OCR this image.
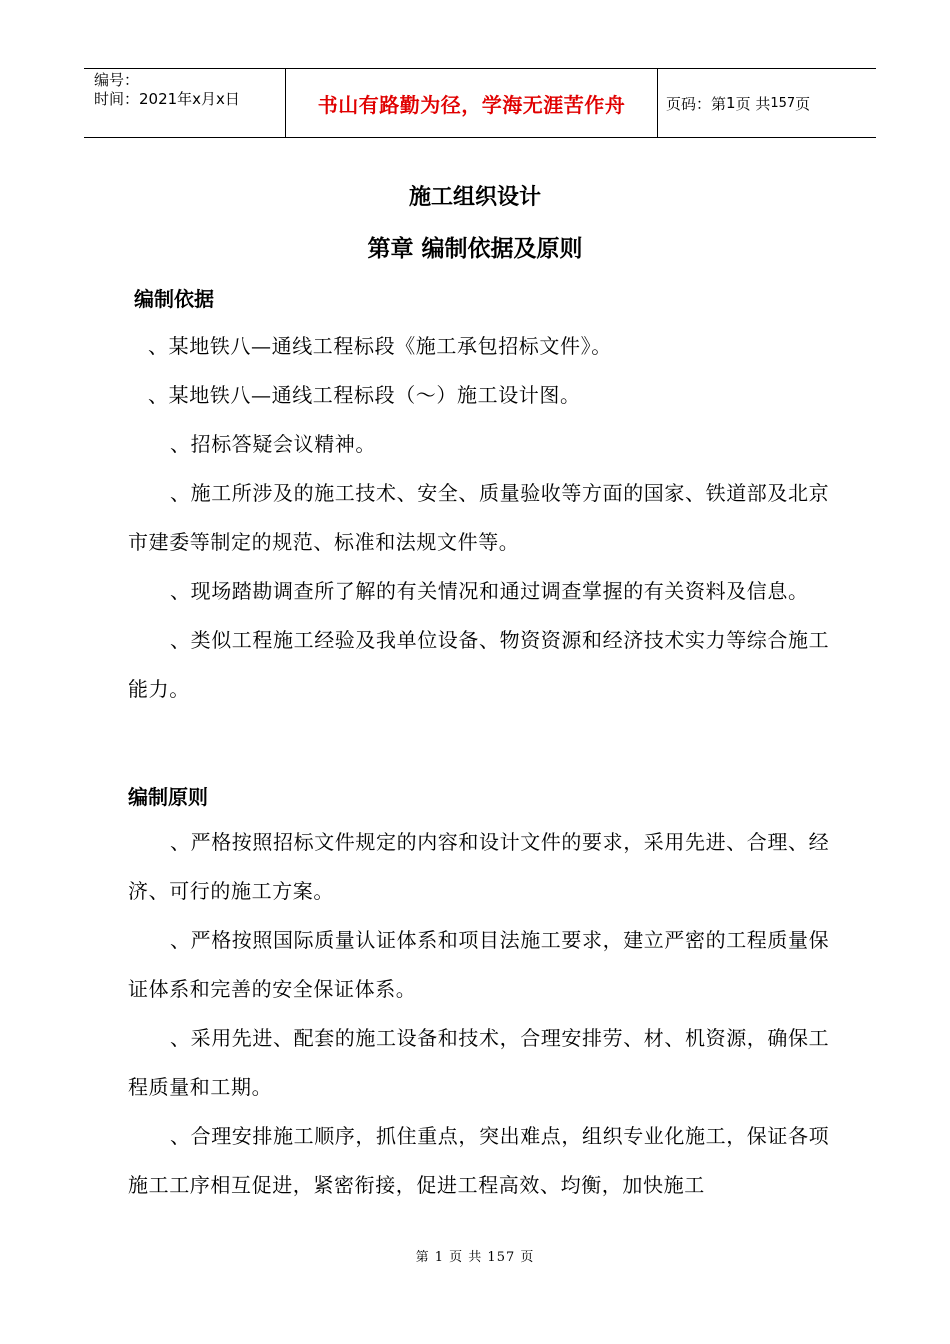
编号：
时间：2021年x月x日	书山有路勤为径，学海无涯苦作舟	页码：第 1 页 共 157 页
施工组织设计
第章 编制依据及原则
编制依据

、某地铁八—通线工程标段《施工承包招标文件》。

、某地铁八—通线工程标段（～）施工设计图。

、招标答疑会议精神。

、施工所涉及的施工技术、安全、质量验收等方面的国家、铁道部及北京市建委等制定的规范、标准和法规文件等。

、现场踏勘调查所了解的有关情况和通过调查掌握的有关资料及信息。

、类似工程施工经验及我单位设备、物资资源和经济技术实力等综合施工能力。

编制原则

、严格按照招标文件规定的内容和设计文件的要求，采用先进、合理、经济、可行的施工方案。

、严格按照国际质量认证体系和项目法施工要求，建立严密的工程质量保证体系和完善的安全保证体系。

、采用先进、配套的施工设备和技术，合理安排劳、材、机资源，确保工程质量和工期。

、合理安排施工顺序，抓住重点，突出难点，组织专业化施工，保证各项施工工序相互促进，紧密衔接，促进工程高效、均衡，加快施工

第 1 页 共 157 页
